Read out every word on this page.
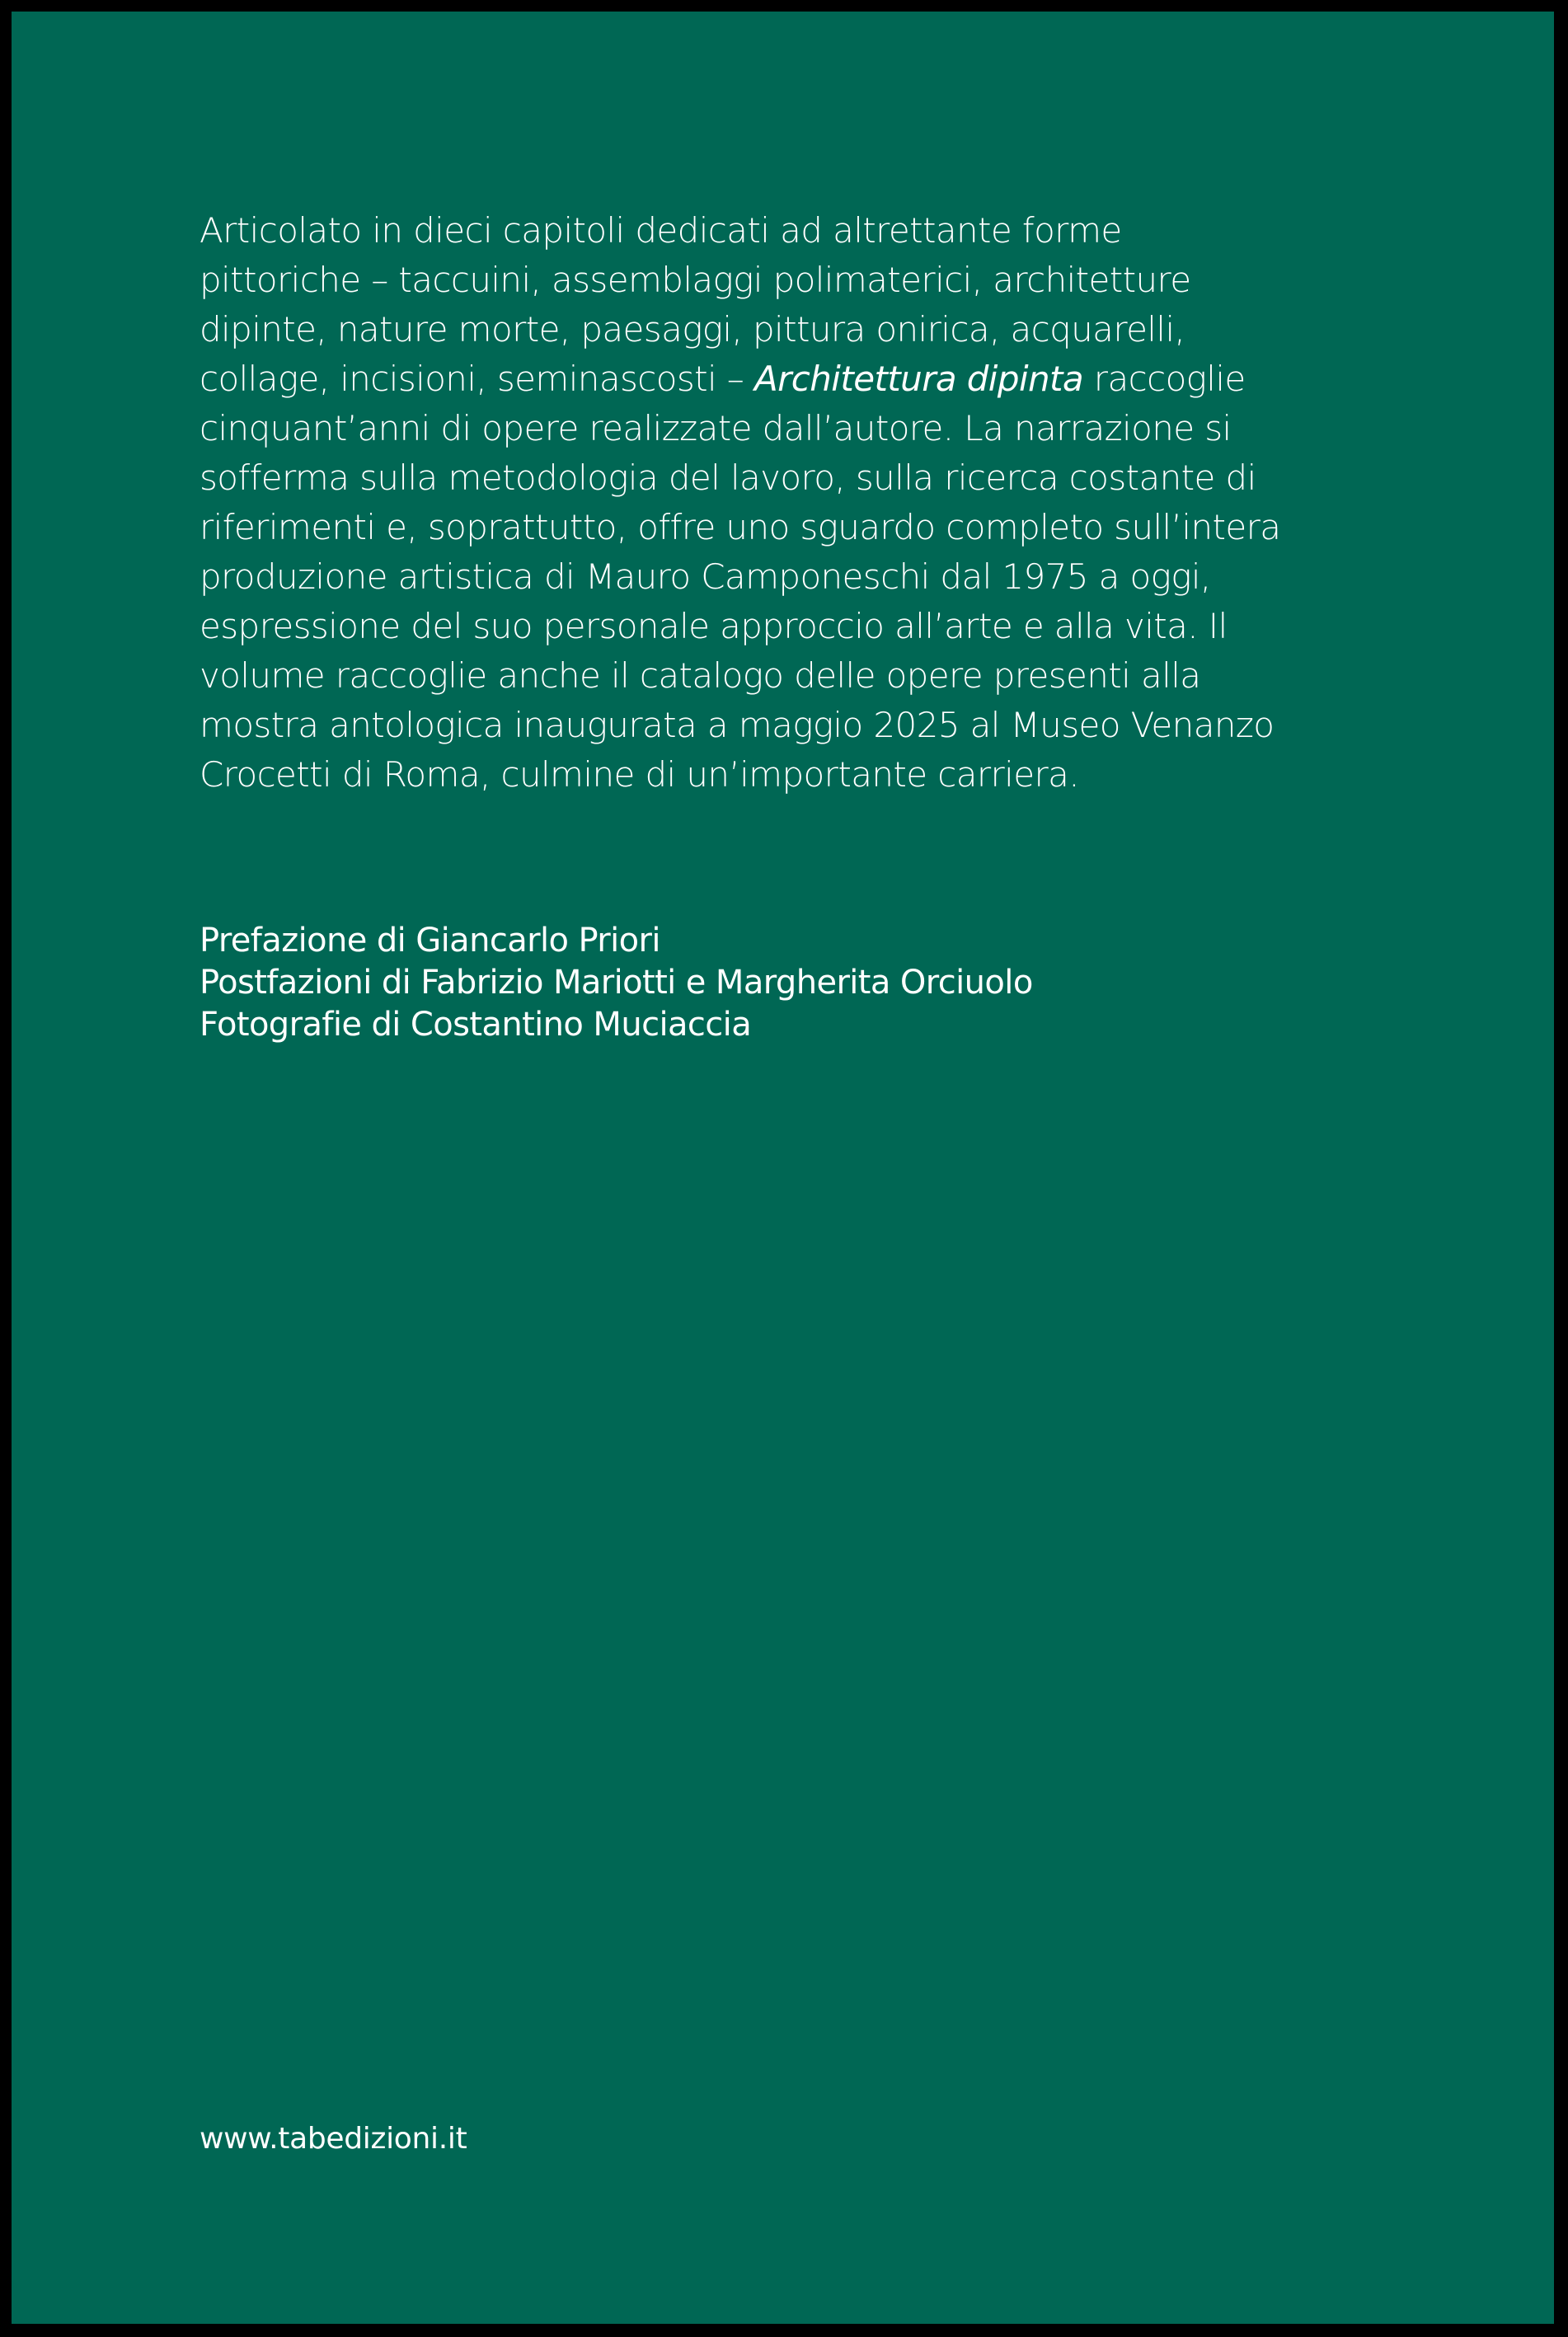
Articolato in dieci capitoli dedicati ad altrettante forme
pittoriche – taccuini, assemblaggi polimaterici, architetture
dipinte, nature morte, paesaggi, pittura onirica, acquarelli,
collage, incisioni, seminascosti – Architettura dipinta raccoglie
cinquant’anni di opere realizzate dall’autore. La narrazione si
sofferma sulla metodologia del lavoro, sulla ricerca costante di
riferimenti e, soprattutto, offre uno sguardo completo sull’intera
produzione artistica di Mauro Camponeschi dal 1975 a oggi,
espressione del suo personale approccio all’arte e alla vita. Il
volume raccoglie anche il catalogo delle opere presenti alla
mostra antologica inaugurata a maggio 2025 al Museo Venanzo
Crocetti di Roma, culmine di un’importante carriera.

Prefazione di Giancarlo Priori
Postfazioni di Fabrizio Mariotti e Margherita Orciuolo
Fotografie di Costantino Muciaccia

www.tabedizioni.it
